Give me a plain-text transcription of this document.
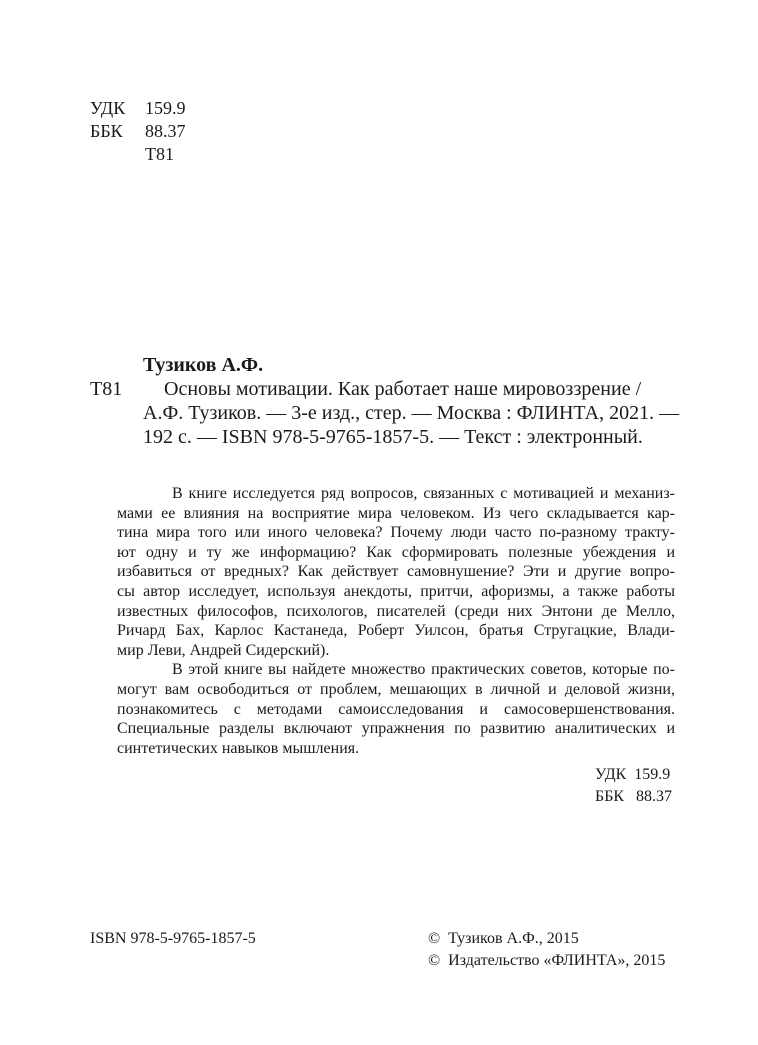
УДК	159.9
ББК	88.37
Т81
Тузиков А.Ф.
Т81 Основы мотивации. Как работает наше мировоззрение /
А.Ф. Тузиков. — 3-е изд., стер. — Москва : ФЛИНТА, 2021. —
192 с. — ISBN 978-5-9765-1857-5. — Текст : электронный.

В книге исследуется ряд вопросов, связанных с мотивацией и механиз-
мами ее влияния на восприятие мира человеком. Из чего складывается кар-
тина мира того или иного человека? Почему люди часто по-разному тракту-
ют одну и ту же информацию? Как сформировать полезные убеждения и
избавиться от вредных? Как действует самовнушение? Эти и другие вопро-
сы автор исследует, используя анекдоты, притчи, афоризмы, а также работы
известных философов, психологов, писателей (среди них Энтони де Мелло,
Ричард Бах, Карлос Кастанеда, Роберт Уилсон, братья Стругацкие, Влади-
мир Леви, Андрей Сидерский).

В этой книге вы найдете множество практических советов, которые по-
могут вам освободиться от проблем, мешающих в личной и деловой жизни,
познакомитесь с методами самоисследования и самосовершенствования.
Специальные разделы включают упражнения по развитию аналитических и
синтетических навыков мышления.

УДК  159.9
ББК   88.37
ISBN 978-5-9765-1857-5	©  Тузиков А.Ф., 2015
©  Издательство «ФЛИНТА», 2015
